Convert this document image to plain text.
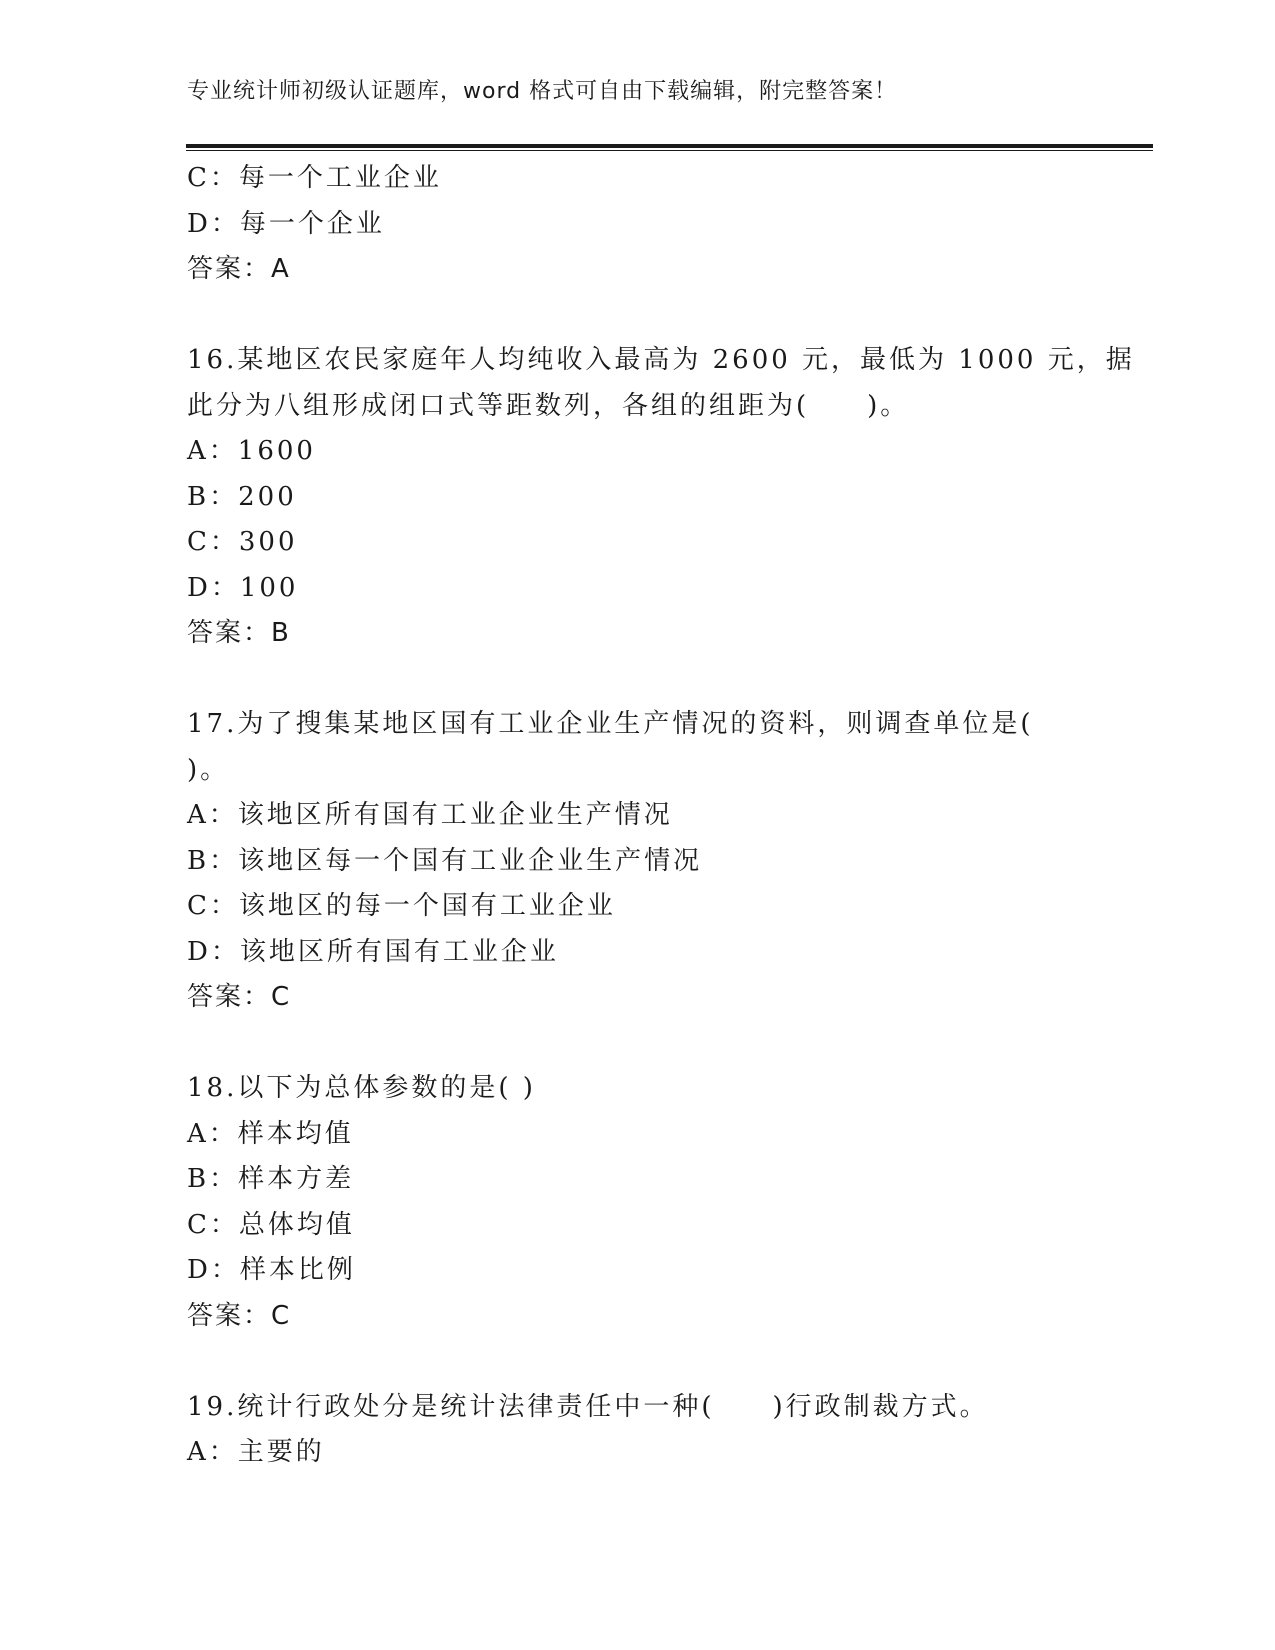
专业统计师初级认证题库，word 格式可自由下载编辑，附完整答案！
C：每一个工业企业
D：每一个企业
答案：A
16.某地区农民家庭年人均纯收入最高为 2600 元，最低为 1000 元，据
此分为八组形成闭口式等距数列，各组的组距为(　　)。
A：1600
B：200
C：300
D：100
答案：B
17.为了搜集某地区国有工业企业生产情况的资料，则调查单位是(
)。
A：该地区所有国有工业企业生产情况
B：该地区每一个国有工业企业生产情况
C：该地区的每一个国有工业企业
D：该地区所有国有工业企业
答案：C
18.以下为总体参数的是( )
A：样本均值
B：样本方差
C：总体均值
D：样本比例
答案：C
19.统计行政处分是统计法律责任中一种(　　)行政制裁方式。
A：主要的
